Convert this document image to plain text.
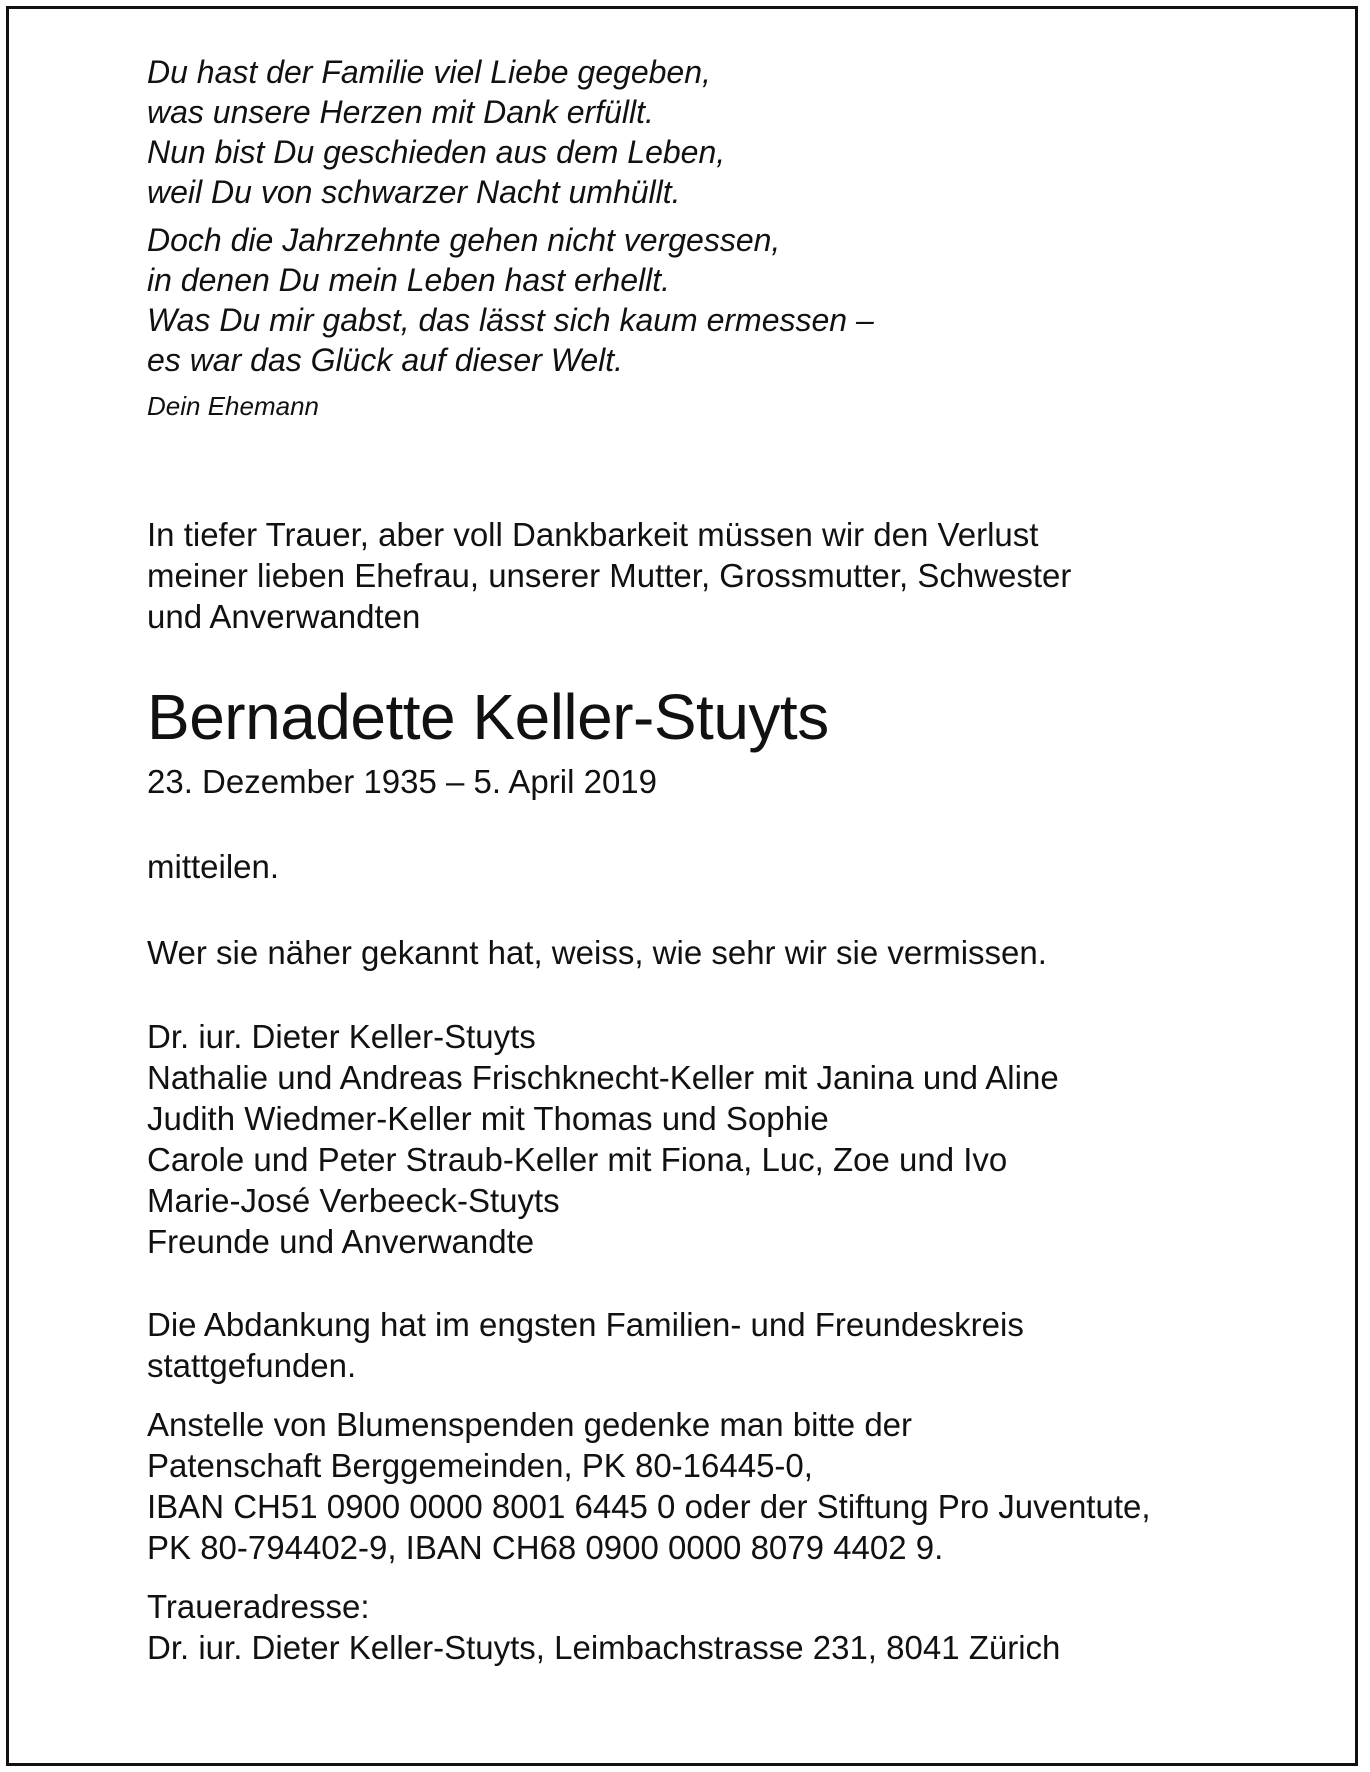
Du hast der Familie viel Liebe gegeben,
was unsere Herzen mit Dank erfüllt.
Nun bist Du geschieden aus dem Leben,
weil Du von schwarzer Nacht umhüllt.
Doch die Jahrzehnte gehen nicht vergessen,
in denen Du mein Leben hast erhellt.
Was Du mir gabst, das lässt sich kaum ermessen –
es war das Glück auf dieser Welt.
Dein Ehemann
In tiefer Trauer, aber voll Dankbarkeit müssen wir den Verlust
meiner lieben Ehefrau, unserer Mutter, Grossmutter, Schwester
und Anverwandten
Bernadette Keller-Stuyts
23. Dezember 1935 – 5. April 2019
mitteilen.
Wer sie näher gekannt hat, weiss, wie sehr wir sie vermissen.
Dr. iur. Dieter Keller-Stuyts
Nathalie und Andreas Frischknecht-Keller mit Janina und Aline
Judith Wiedmer-Keller mit Thomas und Sophie
Carole und Peter Straub-Keller mit Fiona, Luc, Zoe und Ivo
Marie-José Verbeeck-Stuyts
Freunde und Anverwandte
Die Abdankung hat im engsten Familien- und Freundeskreis
stattgefunden.
Anstelle von Blumenspenden gedenke man bitte der
Patenschaft Berggemeinden, PK 80-16445-0,
IBAN CH51 0900 0000 8001 6445 0 oder der Stiftung Pro Juventute,
PK 80-794402-9, IBAN CH68 0900 0000 8079 4402 9.
Traueradresse:
Dr. iur. Dieter Keller-Stuyts, Leimbachstrasse 231, 8041 Zürich
